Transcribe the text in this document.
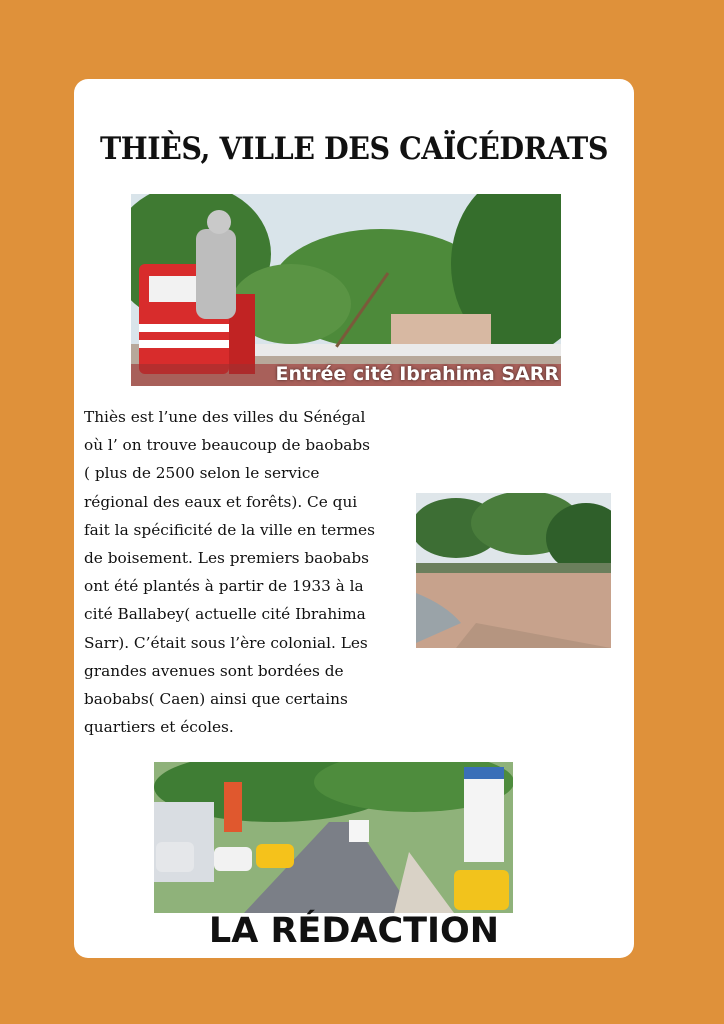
THIÈS, VILLE DES CAÏCÉDRATS
Entrée cité Ibrahima SARR
Thiès est l’une des villes du Sénégal
où l’ on trouve beaucoup de baobabs
( plus de 2500 selon le service
régional des eaux et forêts). Ce qui
fait la spécificité de la ville en termes
de boisement. Les premiers baobabs
ont été plantés à partir de 1933 à la
cité Ballabey( actuelle cité Ibrahima
Sarr). C’était sous l’ère colonial. Les
grandes avenues sont bordées de
baobabs( Caen) ainsi que certains
quartiers et écoles.
LA RÉDACTION
